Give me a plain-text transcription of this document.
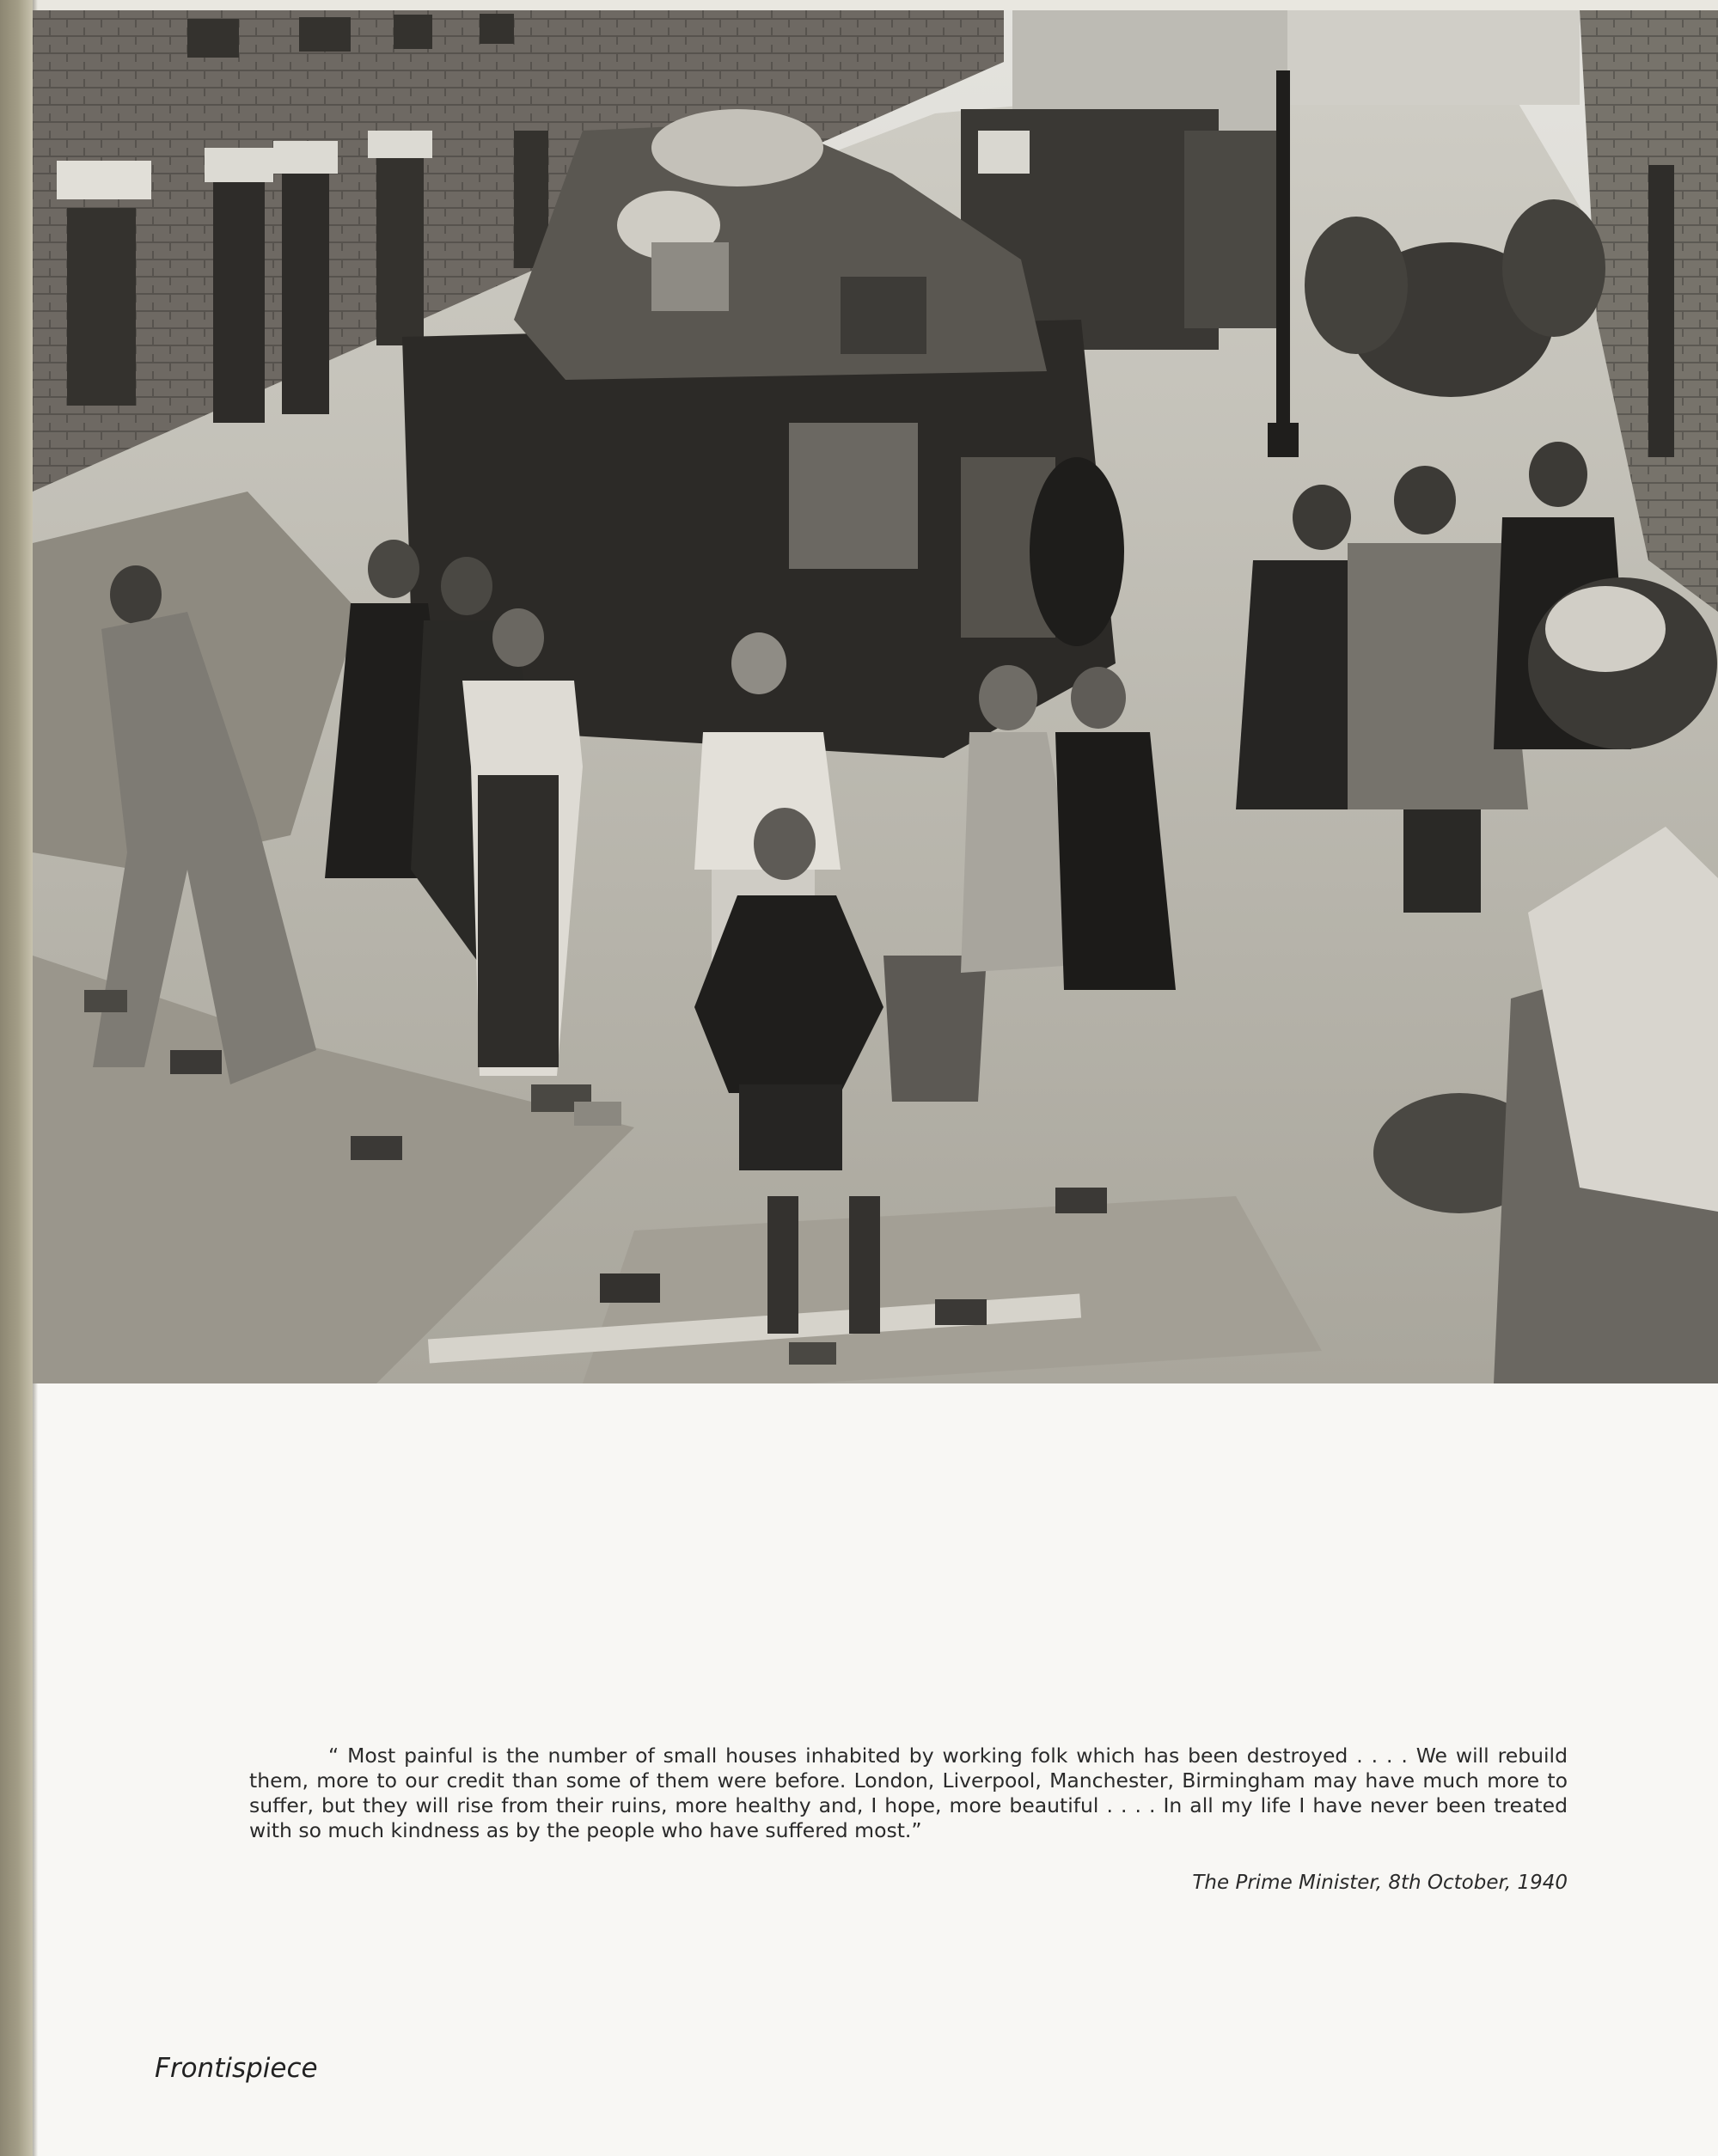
“ Most painful is the number of small houses inhabited by working folk which has been destroyed . . . . We will rebuild them, more to our credit than some of them were before. London, Liverpool, Manchester, Birmingham may have much more to suffer, but they will rise from their ruins, more healthy and, I hope, more beautiful . . . . In all my life I have never been treated with so much kindness as by the people who have suffered most.”

The Prime Minister, 8th October, 1940

Frontispiece
